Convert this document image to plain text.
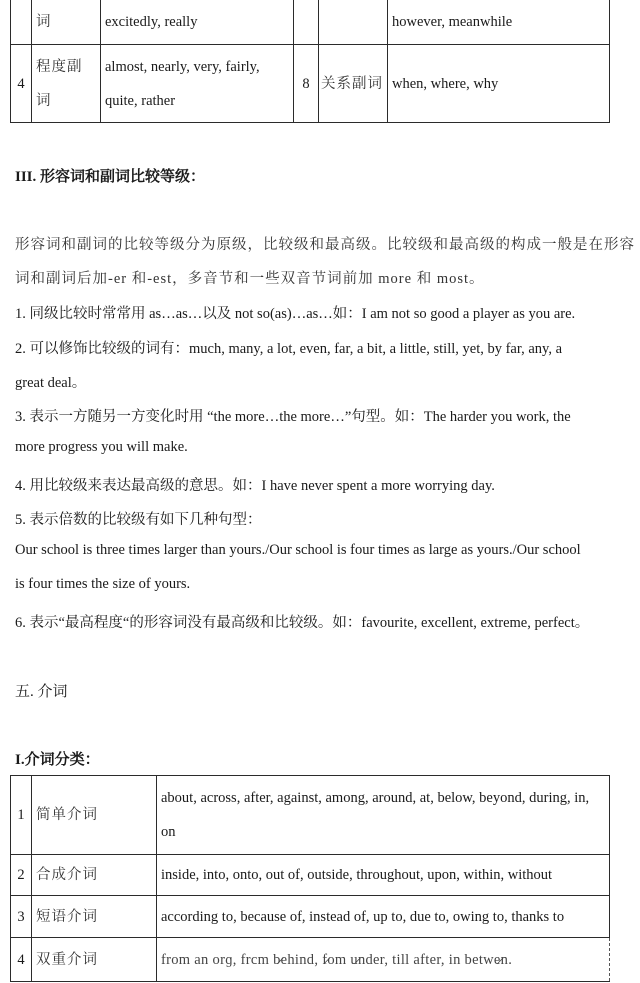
	词	excitedly, really			however, meanwhile
4	程度副词	almost, nearly, very, fairly, quite, rather	8	关系副词	when, where, why
III. 形容词和副词比较等级：
形容词和副词的比较等级分为原级，比较级和最高级。比较级和最高级的构成一般是在形容
词和副词后加-er 和-est，多音节和一些双音节词前加 more 和 most。
1. 同级比较时常常用 as…as…以及 not so(as)…as…如：I am not so good a player as you are.
2. 可以修饰比较级的词有：much, many, a lot, even, far, a bit, a little, still, yet, by far, any, a
great deal。
3. 表示一方随另一方变化时用 “the more…the more…”句型。如：The harder you work, the
more progress you will make.
4. 用比较级来表达最高级的意思。如：I have never spent a more worrying day.
5. 表示倍数的比较级有如下几种句型：
Our school is three times larger than yours./Our school is four times as large as yours./Our school
is four times the size of yours.
6. 表示“最高程度“的形容词没有最高级和比较级。如：favourite, excellent, extreme, perfect。
五. 介词
I.介词分类：
1	简单介词	about, across, after, against, among, around, at, below, beyond, during, in,
on

2	合成介词	inside, into, onto, out of, outside, throughout, upon, within, without
3	短语介词	according to, because of, instead of, up to, due to, owing to, thanks to
4	双重介词	from an orɡ, frсm b̷ehind, f̷om u̷nder, till after, in betwe̷n.
